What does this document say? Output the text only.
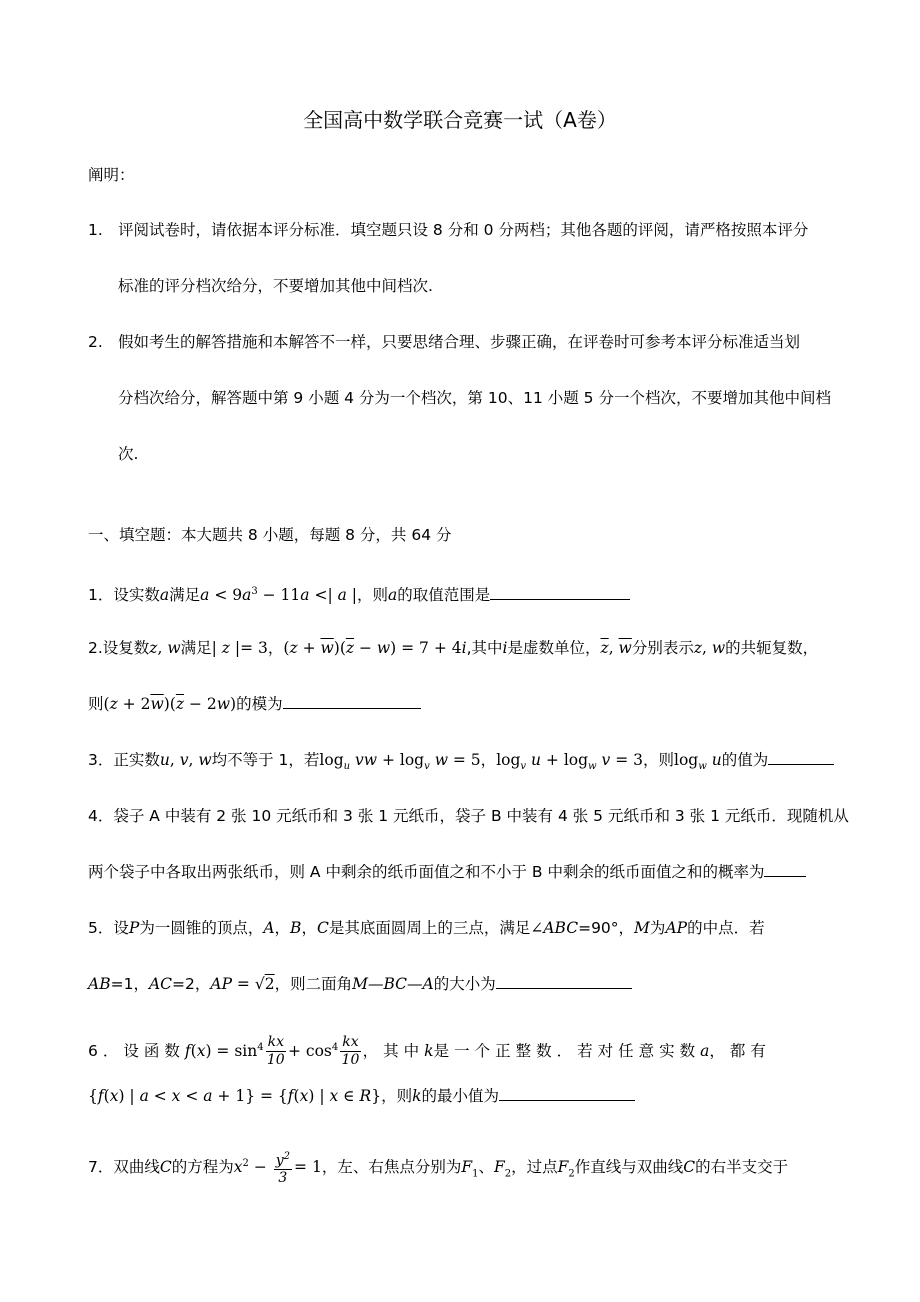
全国高中数学联合竞赛一试（A卷）
阐明：
1. 评阅试卷时，请依据本评分标准．填空题只设 8 分和 0 分两档；其他各题的评阅，请严格按照本评分
标准的评分档次给分，不要增加其他中间档次.
2. 假如考生的解答措施和本解答不一样，只要思绪合理、步骤正确，在评卷时可参考本评分标准适当划
分档次给分，解答题中第 9 小题 4 分为一个档次，第 10、11 小题 5 分一个档次，不要增加其他中间档
次.
一、填空题：本大题共 8 小题，每题 8 分，共 64 分
1．设实数a满足$a < 9a^3 - 11a$ <| a |，则a的取值范围是
2.设复数z, w满足| z |= 3，$(z + \overline{w})(\overline{z} - w) = 7 + 4i$,其中i是虚数单位，$\overline{z}$, $\overline{w}$分别表示z, w的共轭复数，
则$(z + 2\overline{w})(\overline{z} - 2w)$的模为
3．正实数u, v, w均不等于 1，若$\log_u$ vw + $\log_v w = 5$，$\log_v u + \log_w v = 3$，则$\log_w u$的值为
4．袋子 A 中装有 2 张 10 元纸币和 3 张 1 元纸币，袋子 B 中装有 4 张 5 元纸币和 3 张 1 元纸币．现随机从
两个袋子中各取出两张纸币，则 A 中剩余的纸币面值之和不小于 B 中剩余的纸币面值之和的概率为
5．设P为一圆锥的顶点，A，B，C是其底面圆周上的三点，满足∠ABC=90°，M为AP的中点．若
AB=1，AC=2，AP = √2，则二面角M—BC—A的大小为
6．设函数$f(x) = \sin^4 \frac{kx}{10} + \cos^4 \frac{kx}{10}$ ，其中k是一个正整数．若对任意实数a，都有
{f(x) | a < x < a + 1} = {f(x) | x ∈ R}，则k的最小值为
7．双曲线C的方程为$x^2 - \frac{y^2}{3} = 1$，左、右焦点分别为$F_1$、$F_2$，过点$F_2$作直线与双曲线C的右半支交于
